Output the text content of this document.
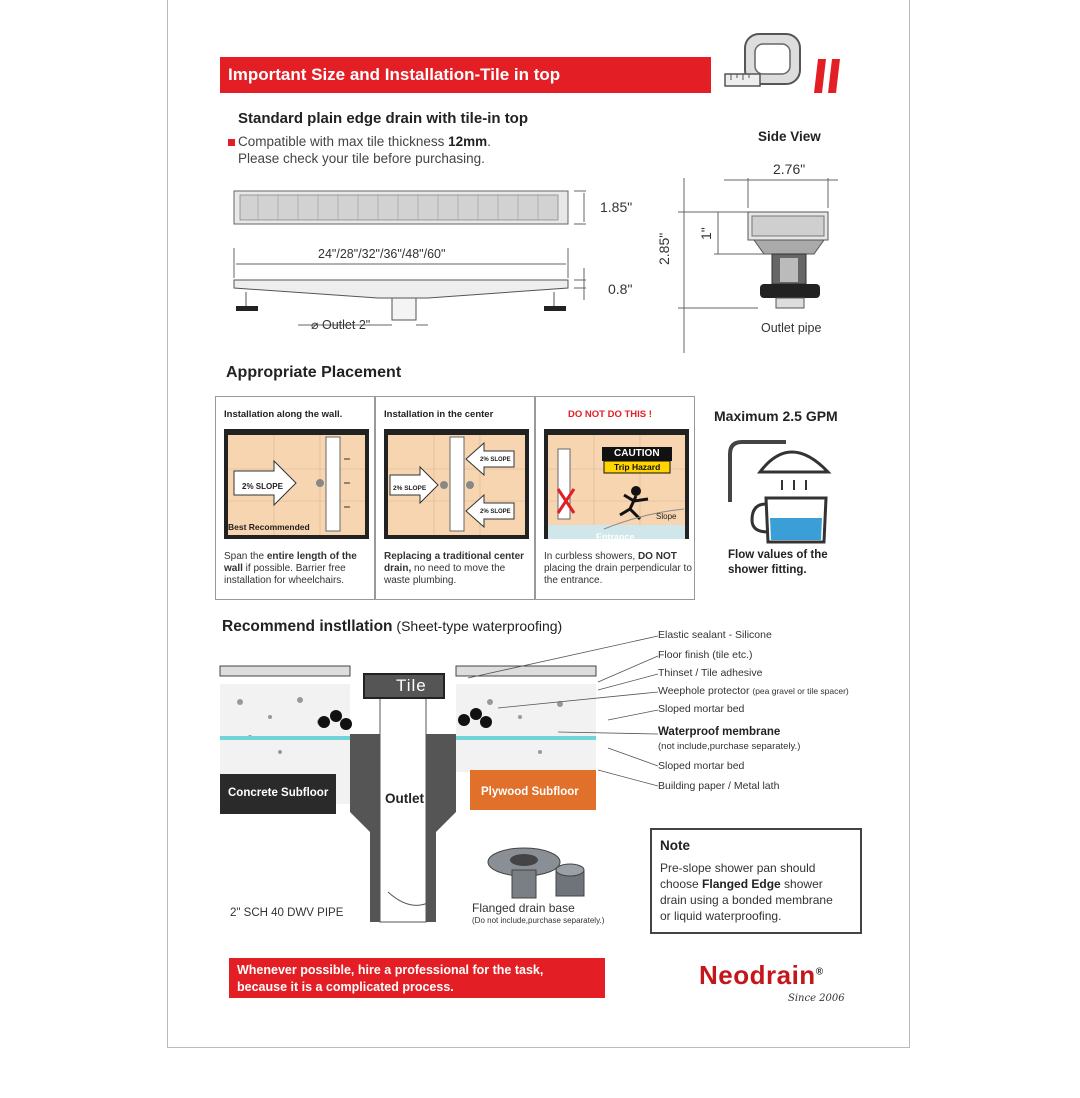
Important Size and Installation-Tile in top
Standard plain edge drain with tile-in top
Compatible with max tile thickness 12mm.
Please check your tile before purchasing.
1.85"
24"/28"/32"/36"/48"/60"
0.8"
⌀ Outlet 2"
Side View
2.76"
2.85" 1"
Outlet pipe
Appropriate Placement
Installation along the wall.
2% SLOPE
Best Recommended
Span the entire length of the wall if possible. Barrier free installation for wheelchairs.
Installation in the center
2% SLOPE
2% SLOPE
2% SLOPE
Replacing a traditional center drain, no need to move the waste plumbing.
DO NOT DO THIS !
CAUTION
Trip Hazard
Slope
Entrance
In curbless showers, DO NOT placing the drain perpendicular to the entrance.
Maximum 2.5 GPM
Flow values of the shower fitting.
Recommend instllation (Sheet-type waterproofing)
Tile
Concrete Subfloor	Outlet	Plywood Subfloor
2" SCH 40 DWV PIPE	Flanged drain base
(Do not include,purchase separately.)
Elastic sealant - Silicone
Floor finish (tile etc.)
Thinset / Tile adhesive
Weephole protector (pea gravel or tile spacer)
Sloped mortar bed
Waterproof membrane
(not include,purchase separately.)
Sloped mortar bed
Building paper / Metal lath
Note
Pre-slope shower pan should
choose Flanged Edge shower
drain using a bonded membrane
or liquid waterproofing.
Whenever possible, hire a professional for the task,
because it is a complicated process.	Neodrain®
Since 2006
